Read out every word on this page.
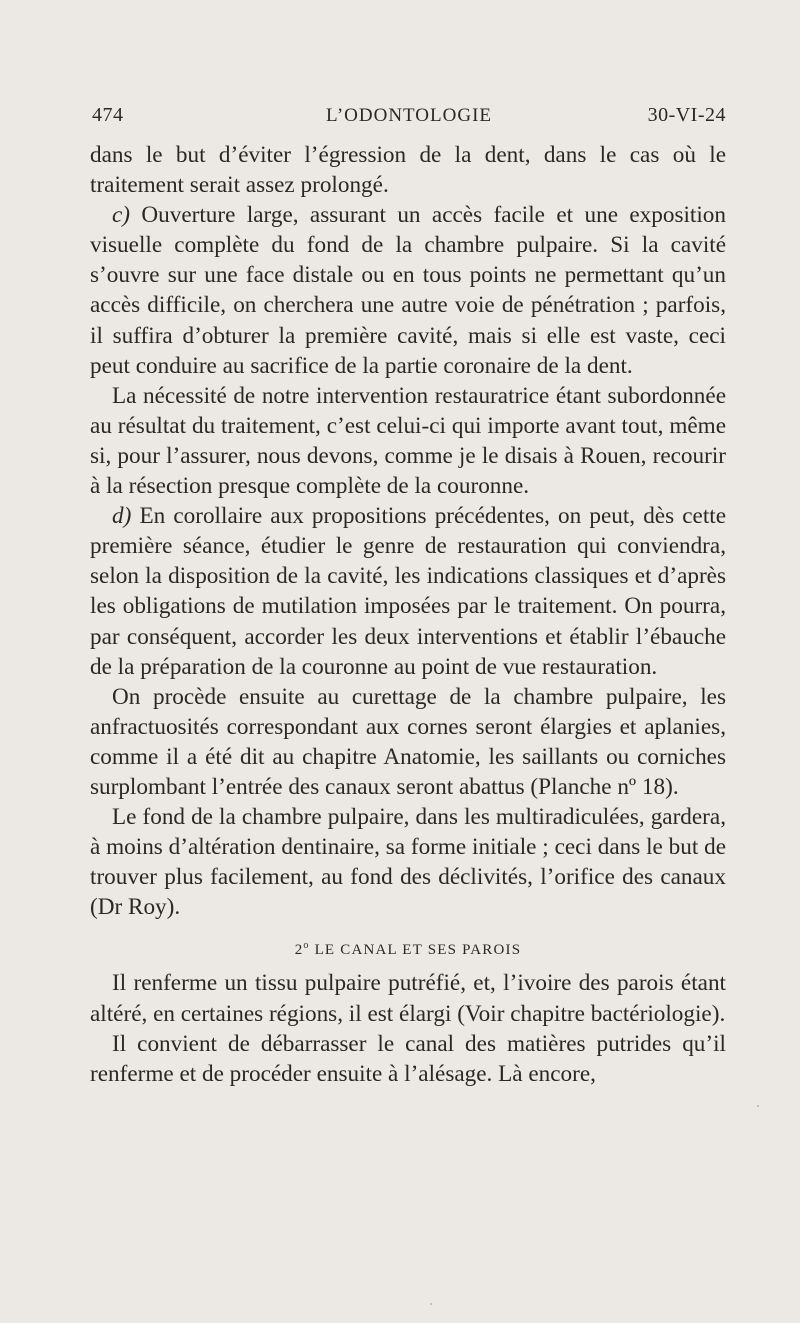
474	L’ODONTOLOGIE	30-VI-24

dans le but d’éviter l’égression de la dent, dans le cas où le traitement serait assez prolongé.

c) Ouverture large, assurant un accès facile et une exposition visuelle complète du fond de la chambre pulpaire. Si la cavité s’ouvre sur une face distale ou en tous points ne permettant qu’un accès difficile, on cherchera une autre voie de pénétration ; parfois, il suffira d’obturer la première cavité, mais si elle est vaste, ceci peut conduire au sacrifice de la partie coronaire de la dent.

La nécessité de notre intervention restauratrice étant subordonnée au résultat du traitement, c’est celui-ci qui importe avant tout, même si, pour l’assurer, nous devons, comme je le disais à Rouen, recourir à la résection presque complète de la couronne.

d) En corollaire aux propositions précédentes, on peut, dès cette première séance, étudier le genre de restauration qui conviendra, selon la disposition de la cavité, les indications classiques et d’après les obligations de mutilation imposées par le traitement. On pourra, par conséquent, accorder les deux interventions et établir l’ébauche de la préparation de la couronne au point de vue restauration.

On procède ensuite au curettage de la chambre pulpaire, les anfractuosités correspondant aux cornes seront élargies et aplanies, comme il a été dit au chapitre Anatomie, les saillants ou corniches surplombant l’entrée des canaux seront abattus (Planche nº 18).

Le fond de la chambre pulpaire, dans les multiradiculées, gardera, à moins d’altération dentinaire, sa forme initiale ; ceci dans le but de trouver plus facilement, au fond des déclivités, l’orifice des canaux (Dr Roy).

2$^o$ LE CANAL ET SES PAROIS

Il renferme un tissu pulpaire putréfié, et, l’ivoire des parois étant altéré, en certaines régions, il est élargi (Voir chapitre bactériologie).

Il convient de débarrasser le canal des matières putrides qu’il renferme et de procéder ensuite à l’alésage. Là encore,
